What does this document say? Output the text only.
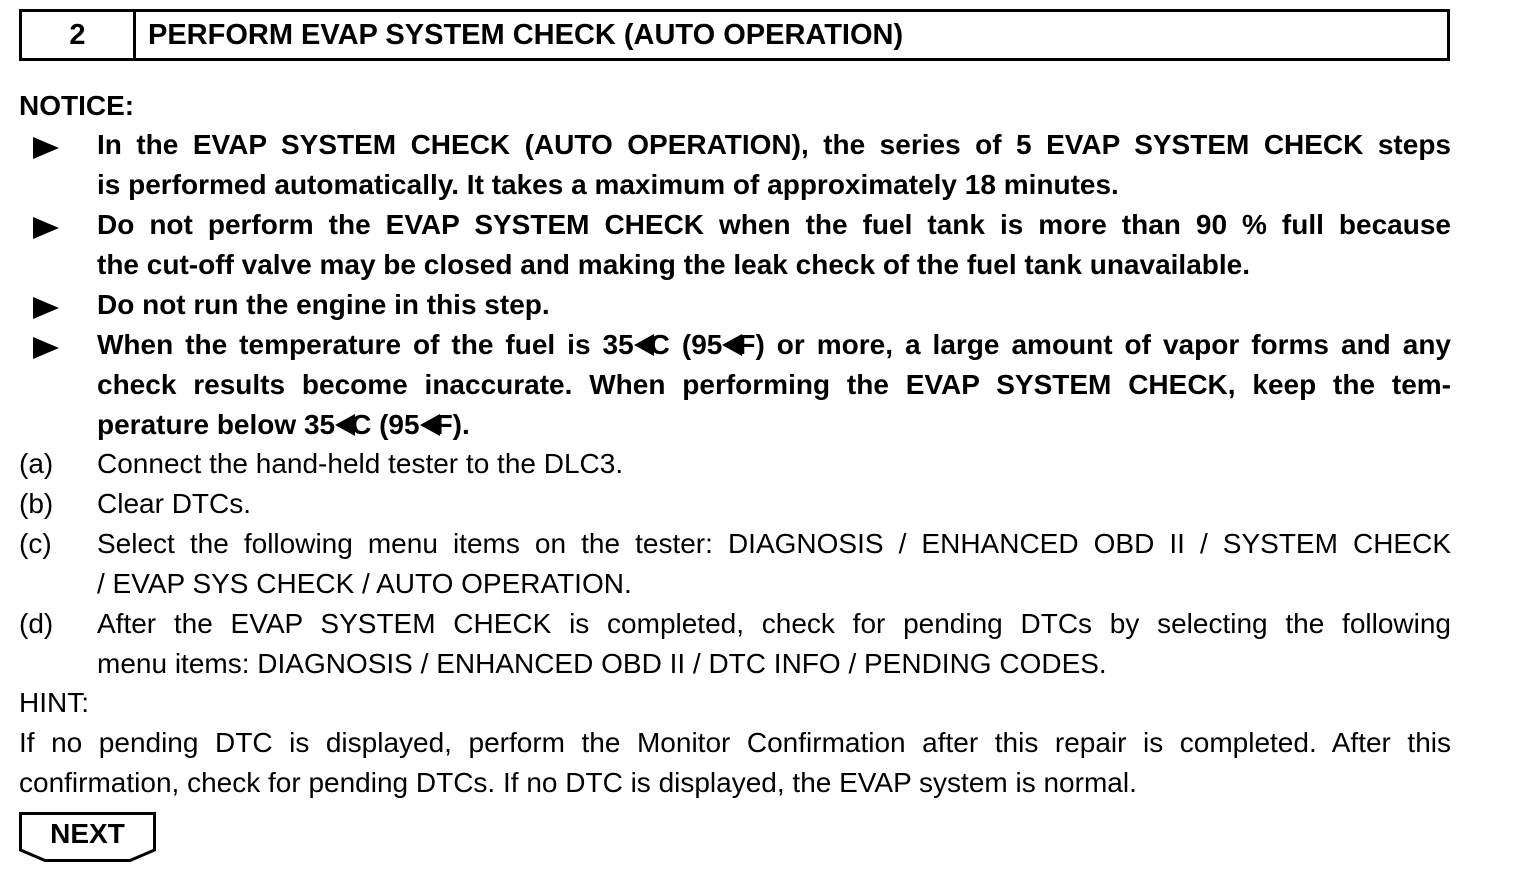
2	PERFORM EVAP SYSTEM CHECK (AUTO OPERATION)
NOTICE:
In the EVAP SYSTEM CHECK (AUTO OPERATION), the series of 5 EVAP SYSTEM CHECK steps
is performed automatically. It takes a maximum of approximately 18 minutes.
Do not perform the EVAP SYSTEM CHECK when the fuel tank is more than 90 % full because
the cut-off valve may be closed and making the leak check of the fuel tank unavailable.
Do not run the engine in this step.
When the temperature of the fuel is 35 C (95 F) or more, a large amount of vapor forms and any
check results become inaccurate. When performing the EVAP SYSTEM CHECK, keep the tem-
perature below 35 C (95 F).
(a) Connect the hand-held tester to the DLC3.
(b) Clear DTCs.
(c) Select the following menu items on the tester: DIAGNOSIS / ENHANCED OBD II / SYSTEM CHECK
/ EVAP SYS CHECK / AUTO OPERATION.
(d) After the EVAP SYSTEM CHECK is completed, check for pending DTCs by selecting the following
menu items: DIAGNOSIS / ENHANCED OBD II / DTC INFO / PENDING CODES.
HINT:
If no pending DTC is displayed, perform the Monitor Confirmation after this repair is completed. After this
confirmation, check for pending DTCs. If no DTC is displayed, the EVAP system is normal.
NEXT
